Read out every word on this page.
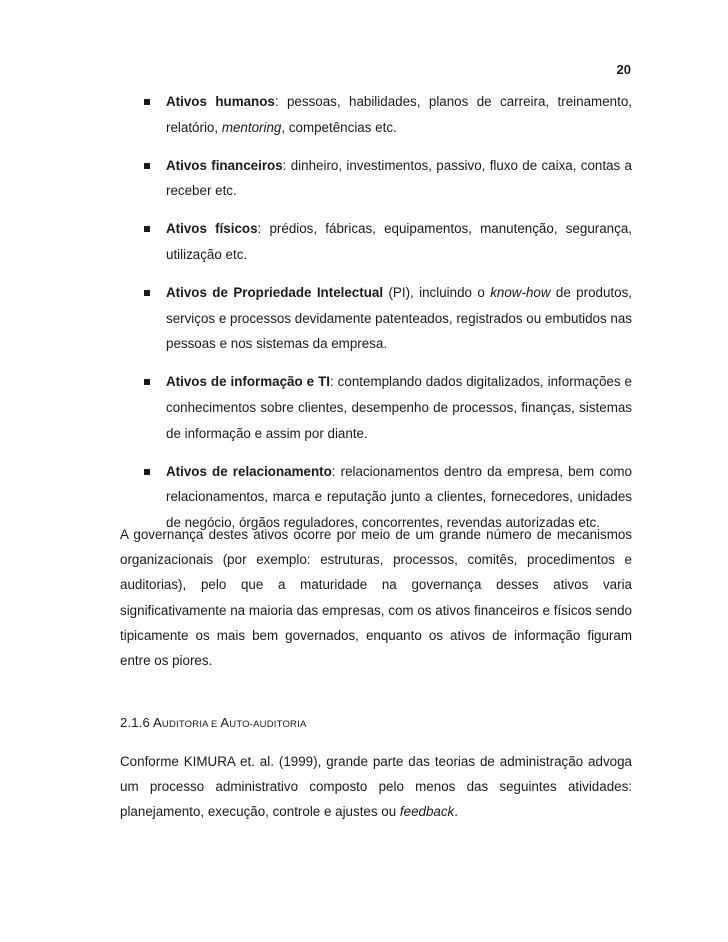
20
Ativos humanos: pessoas, habilidades, planos de carreira, treinamento, relatório, mentoring, competências etc.
Ativos financeiros: dinheiro, investimentos, passivo, fluxo de caixa, contas a receber etc.
Ativos físicos: prédios, fábricas, equipamentos, manutenção, segurança, utilização etc.
Ativos de Propriedade Intelectual (PI), incluindo o know-how de produtos, serviços e processos devidamente patenteados, registrados ou embutidos nas pessoas e nos sistemas da empresa.
Ativos de informação e TI: contemplando dados digitalizados, informações e conhecimentos sobre clientes, desempenho de processos, finanças, sistemas de informação e assim por diante.
Ativos de relacionamento: relacionamentos dentro da empresa, bem como relacionamentos, marca e reputação junto a clientes, fornecedores, unidades de negócio, órgãos reguladores, concorrentes, revendas autorizadas etc.

A governança destes ativos ocorre por meio de um grande número de mecanismos organizacionais (por exemplo: estruturas, processos, comitês, procedimentos e auditorias), pelo que a maturidade na governança desses ativos varia significativamente na maioria das empresas, com os ativos financeiros e físicos sendo tipicamente os mais bem governados, enquanto os ativos de informação figuram entre os piores.

2.1.6 AUDITORIA E AUTO-AUDITORIA

Conforme KIMURA et. al. (1999), grande parte das teorias de administração advoga um processo administrativo composto pelo menos das seguintes atividades: planejamento, execução, controle e ajustes ou feedback.
